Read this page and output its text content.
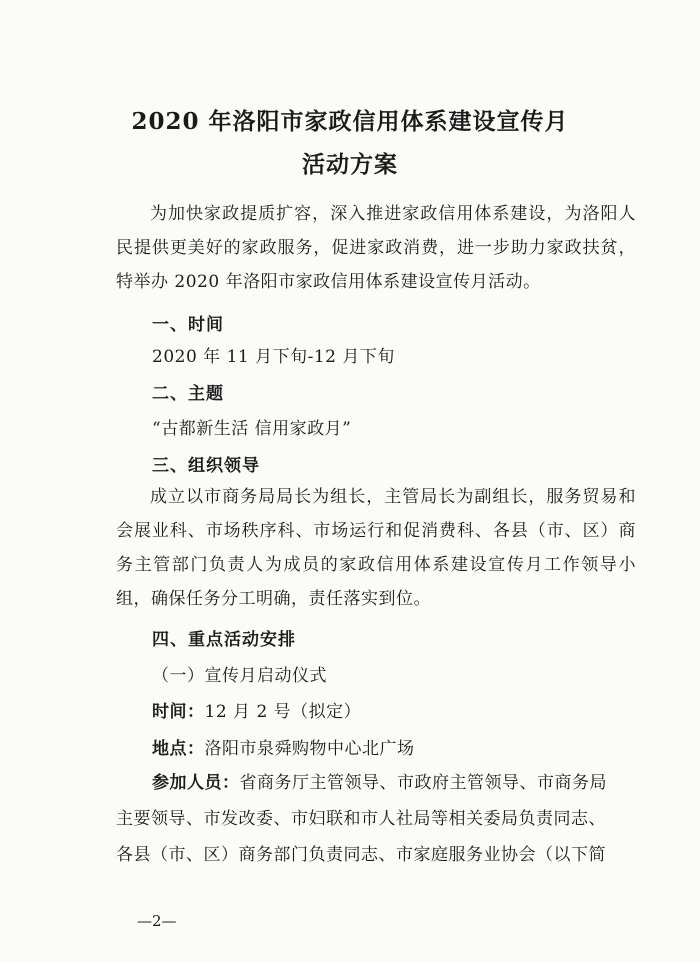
2020 年洛阳市家政信用体系建设宣传月
活动方案
为加快家政提质扩容，深入推进家政信用体系建设，为洛阳人民提供更美好的家政服务，促进家政消费，进一步助力家政扶贫，特举办 2020 年洛阳市家政信用体系建设宣传月活动。
一、时间
2020 年 11 月下旬-12 月下旬
二、主题
“古都新生活 信用家政月”
三、组织领导
成立以市商务局局长为组长，主管局长为副组长，服务贸易和会展业科、市场秩序科、市场运行和促消费科、各县（市、区）商务主管部门负责人为成员的家政信用体系建设宣传月工作领导小组，确保任务分工明确，责任落实到位。
四、重点活动安排
（一）宣传月启动仪式
时间：12 月 2 号（拟定）
地点：洛阳市泉舜购物中心北广场
参加人员：省商务厅主管领导、市政府主管领导、市商务局
主要领导、市发改委、市妇联和市人社局等相关委局负责同志、
各县（市、区）商务部门负责同志、市家庭服务业协会（以下简
—2—
